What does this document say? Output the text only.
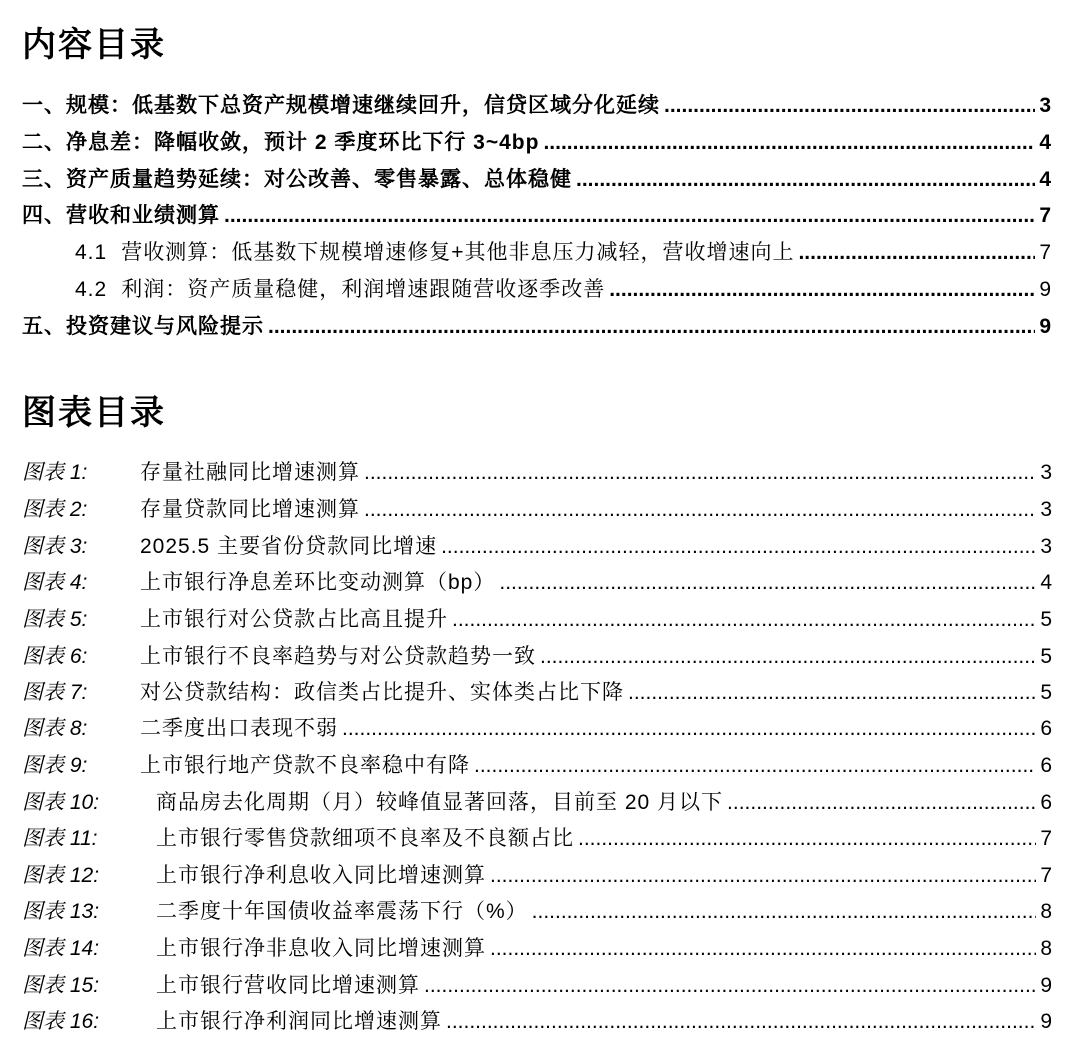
内容目录
一、规模：低基数下总资产规模增速继续回升，信贷区域分化延续 .....	3
二、净息差：降幅收敛，预计 2 季度环比下行 3~4bp .....	4
三、资产质量趋势延续：对公改善、零售暴露、总体稳健 .....	4
四、营收和业绩测算 .....	7
4.1 营收测算：低基数下规模增速修复+其他非息压力减轻，营收增速向上 .....	7
4.2 利润：资产质量稳健，利润增速跟随营收逐季改善 .....	9
五、投资建议与风险提示 .....	9
图表目录
图表 1:	存量社融同比增速测算 .....	3
图表 2:	存量贷款同比增速测算 .....	3
图表 3:	2025.5 主要省份贷款同比增速 .....	3
图表 4:	上市银行净息差环比变动测算（bp） .....	4
图表 5:	上市银行对公贷款占比高且提升 .....	5
图表 6:	上市银行不良率趋势与对公贷款趋势一致 .....	5
图表 7:	对公贷款结构：政信类占比提升、实体类占比下降 .....	5
图表 8:	二季度出口表现不弱 .....	6
图表 9:	上市银行地产贷款不良率稳中有降 .....	6
图表 10:	商品房去化周期（月）较峰值显著回落，目前至 20 月以下 .....	6
图表 11:	上市银行零售贷款细项不良率及不良额占比 .....	7
图表 12:	上市银行净利息收入同比增速测算 .....	7
图表 13:	二季度十年国债收益率震荡下行（%） .....	8
图表 14:	上市银行净非息收入同比增速测算 .....	8
图表 15:	上市银行营收同比增速测算 .....	9
图表 16:	上市银行净利润同比增速测算 .....	9
